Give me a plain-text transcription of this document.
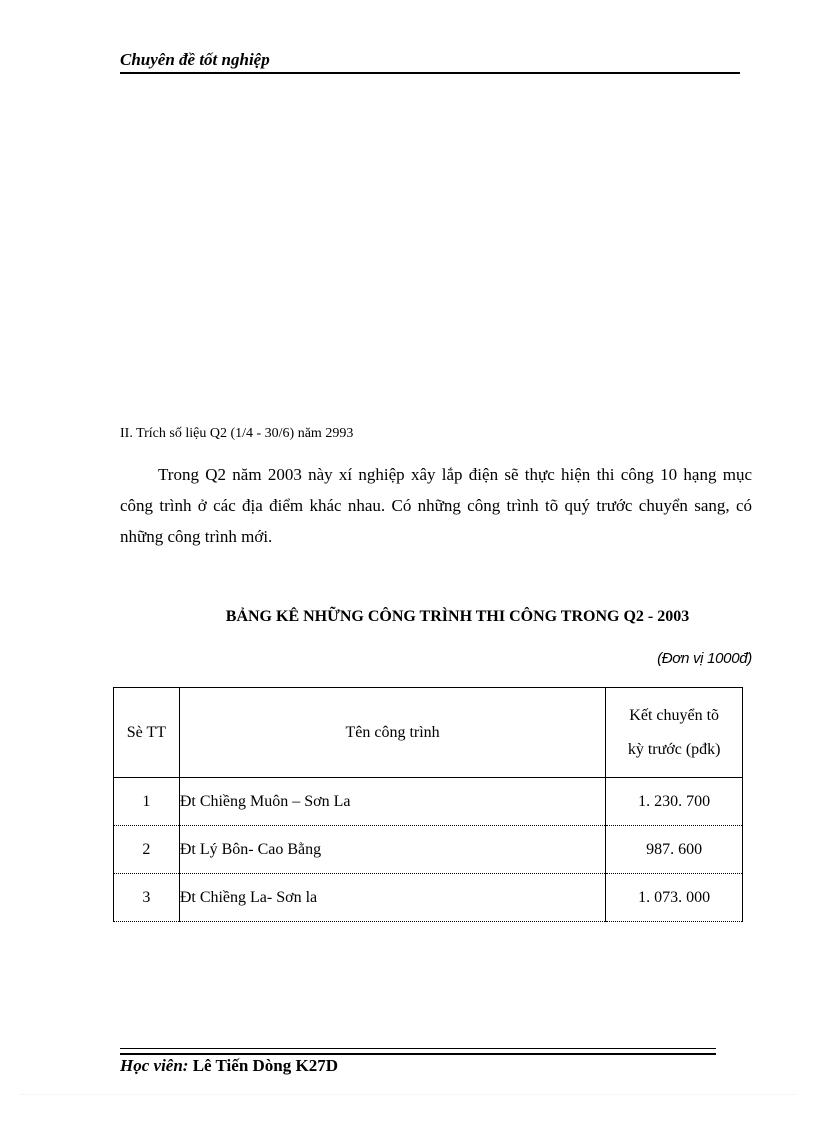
Chuyên đề tốt nghiệp
II. Trích số liệu Q2 (1/4 - 30/6) năm 2993

Trong Q2 năm 2003 này xí nghiệp xây lắp điện sẽ thực hiện thi công 10 hạng mục công trình ở các địa điểm khác nhau. Có những công trình tõ quý trước chuyển sang, có những công trình mới.

BẢNG KÊ NHỮNG CÔNG TRÌNH THI CÔNG TRONG Q2 - 2003
(Đơn vị 1000đ)
Sè TT	Tên công trình	Kết chuyển tõ
kỳ trước (pđk)

1	Đt Chiềng Muôn – Sơn La	1. 230. 700
2	Đt Lý Bôn- Cao Bằng	987. 600
3	Đt Chiềng La- Sơn la	1. 073. 000
Học viên: Lê Tiến Dòng K27D
